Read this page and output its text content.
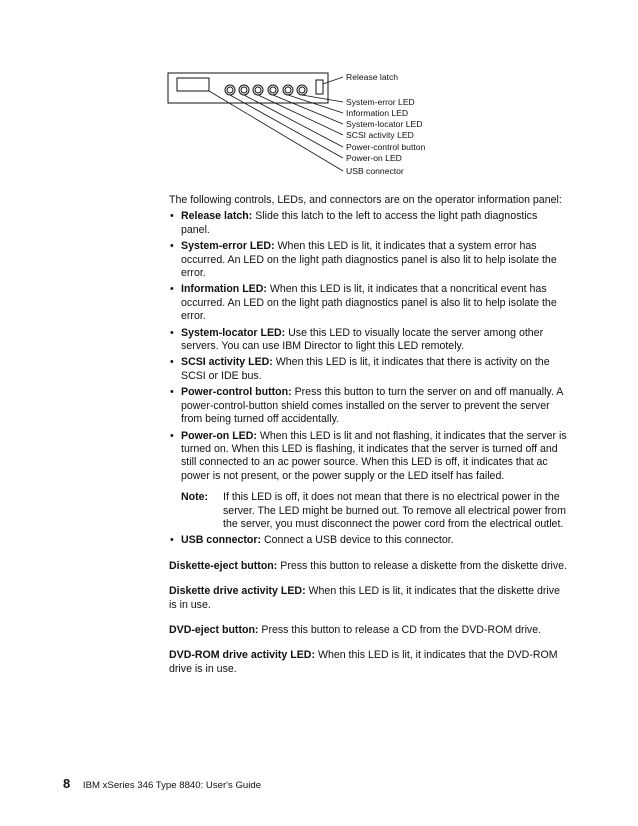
Release latch
System-error LED
Information LED
System-locator LED
SCSI activity LED
Power-control button
Power-on LED
USB connector

The following controls, LEDs, and connectors are on the operator information panel:

• Release latch: Slide this latch to the left to access the light path diagnostics panel.
• System-error LED: When this LED is lit, it indicates that a system error has occurred. An LED on the light path diagnostics panel is also lit to help isolate the error.
• Information LED: When this LED is lit, it indicates that a noncritical event has occurred. An LED on the light path diagnostics panel is also lit to help isolate the error.
• System-locator LED: Use this LED to visually locate the server among other servers. You can use IBM Director to light this LED remotely.
• SCSI activity LED: When this LED is lit, it indicates that there is activity on the SCSI or IDE bus.
• Power-control button: Press this button to turn the server on and off manually. A power-control-button shield comes installed on the server to prevent the server from being turned off accidentally.
• Power-on LED: When this LED is lit and not flashing, it indicates that the server is turned on. When this LED is flashing, it indicates that the server is turned off and still connected to an ac power source. When this LED is off, it indicates that ac power is not present, or the power supply or the LED itself has failed.
Note: If this LED is off, it does not mean that there is no electrical power in the server. The LED might be burned out. To remove all electrical power from the server, you must disconnect the power cord from the electrical outlet.
• USB connector: Connect a USB device to this connector.

Diskette-eject button: Press this button to release a diskette from the diskette drive.

Diskette drive activity LED: When this LED is lit, it indicates that the diskette drive is in use.

DVD-eject button: Press this button to release a CD from the DVD-ROM drive.

DVD-ROM drive activity LED: When this LED is lit, it indicates that the DVD-ROM drive is in use.

8 IBM xSeries 346 Type 8840: User's Guide
